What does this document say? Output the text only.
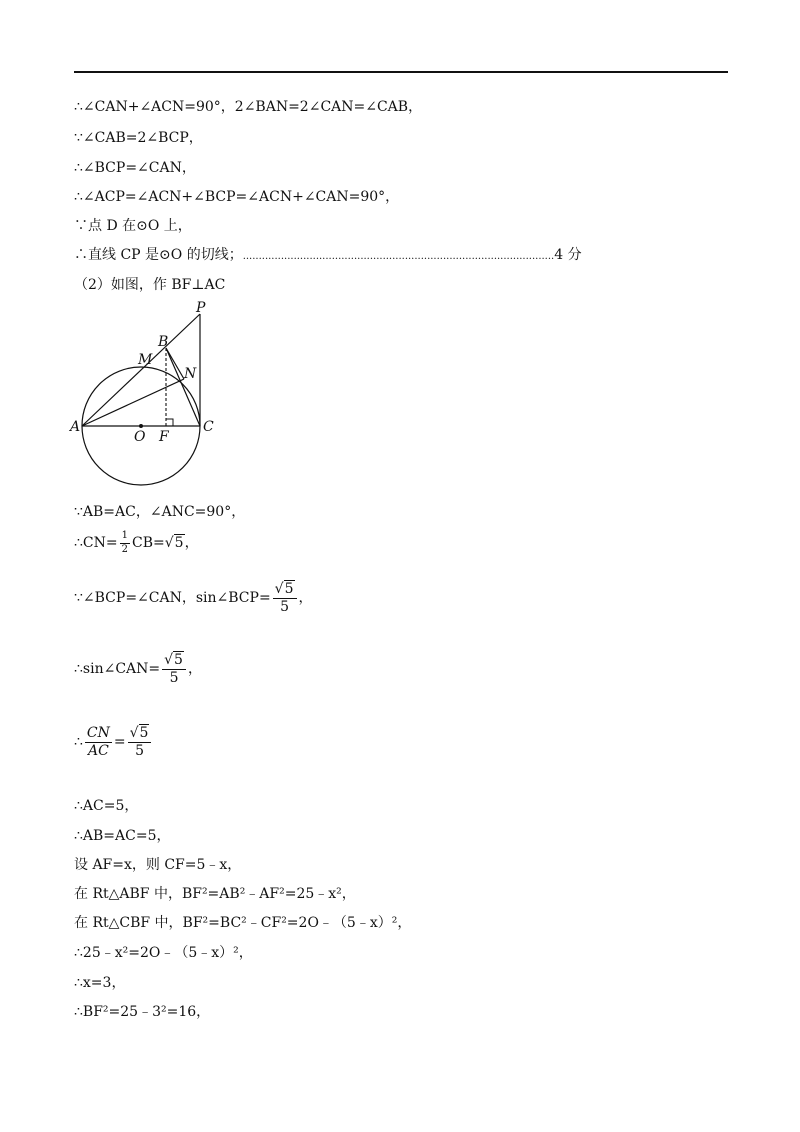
∴∠CAN+∠ACN=90°，2∠BAN=2∠CAN=∠CAB，
∵∠CAB=2∠BCP，
∴∠BCP=∠CAN，
∴∠ACP=∠ACN+∠BCP=∠ACN+∠CAN=90°，
∵点 D 在⊙O 上，
∴直线 CP 是⊙O 的切线；..................................................................................................4 分
（2）如图，作 BF⊥AC
P
B
M
N
A
O F
C
∵AB=AC，∠ANC=90°，
∴CN= $\frac{1}{2} CB=√5$，
∵∠BCP=∠CAN，sin∠BCP= $\frac{√5}{5}$ ，
∴sin∠CAN= $\frac{√5}{5}$ ，
∴ $\frac{CN}{AC} = \frac{√5}{5}$
∴AC=5，
∴AB=AC=5，
设 AF=x，则 CF=5﹣x，
在 Rt△ABF 中，BF²=AB²﹣AF²=25﹣x²，
在 Rt△CBF 中，BF²=BC²﹣CF²=2O﹣（5﹣x）²，
∴25﹣x²=2O﹣（5﹣x）²，
∴x=3，
∴BF²=25﹣3²=16，
